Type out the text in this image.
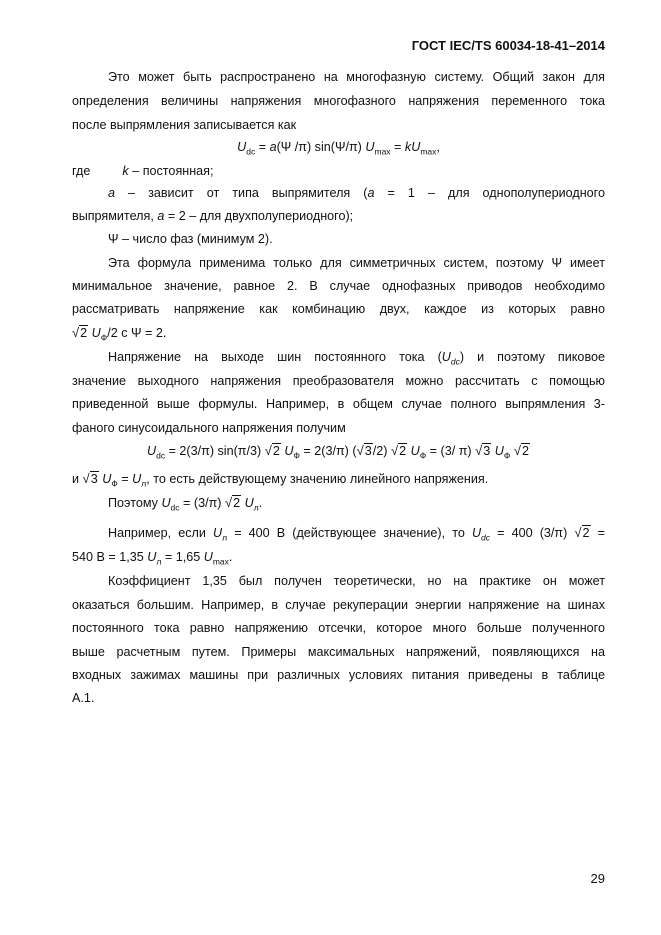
ГОСТ IEC/TS 60034-18-41–2014
Это может быть распространено на многофазную систему. Общий закон для
определения величины напряжения многофазного напряжения переменного тока
после выпрямления записывается как
$U_{dc} = a(\Psi$ /π) sin(Ψ/π) $U_{max} = kU_{max}$,
где	k – постоянная;
a – зависит от типа выпрямителя (a = 1 – для однополупериодного
выпрямителя, a = 2 – для двухполупериодного);
Ψ – число фаз (минимум 2).
Эта формула применима только для симметричных систем, поэтому Ψ имеет
минимальное значение, равное 2. В случае однофазных приводов необходимо
рассматривать напряжение как комбинацию двух, каждое из которых равно
√2 $U_Ф/2$ с Ψ = 2.
Напряжение на выходе шин постоянного тока $(U_{dc})$ и поэтому пиковое
значение выходного напряжения преобразователя можно рассчитать с помощью
приведенной выше формулы. Например, в общем случае полного выпрямления 3-
фаного синусоидального напряжения получим
$U_{dc} = 2(3/\pi)$ sin(π/3) √2 $U_Ф = 2(3/\pi)$ (√3/2) √2 $U_Ф = (3/$ π) √3 $U_Ф$ √2
и √3 $U_Ф = U_л$, то есть действующему значению линейного напряжения.
Поэтому $U_{dc} = (3/\pi)$ √2 $U_л$.
Например, если $U_л = 400$ В (действующее значение), то $U_{dc} = 400$ (3/π) √2 =
540 В = 1,35 $U_л = 1,65$ $U_{max}$.
Коэффициент 1,35 был получен теоретически, но на практике он может
оказаться большим. Например, в случае рекуперации энергии напряжение на шинах
постоянного тока равно напряжению отсечки, которое много больше полученного
выше расчетным путем. Примеры максимальных напряжений, появляющихся на
входных зажимах машины при различных условиях питания приведены в таблице
А.1.
29
